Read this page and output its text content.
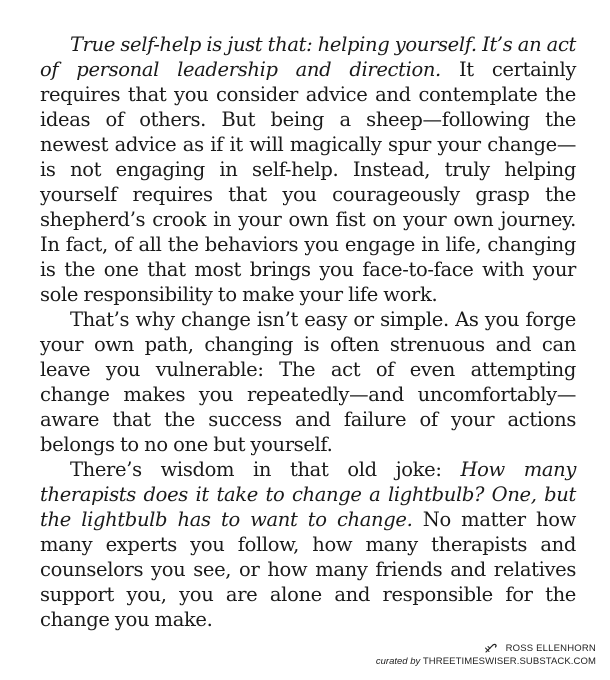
True self-help is just that: helping yourself. It’s an act of personal leadership and direction. It certainly requires that you consider advice and contemplate the ideas of others. But being a sheep—following the newest advice as if it will magically spur your change—is not engaging in self-help. Instead, truly helping yourself requires that you courageously grasp the shepherd’s crook in your own fist on your own journey. In fact, of all the behaviors you engage in life, changing is the one that most brings you face-to-face with your sole responsibility to make your life work.

That’s why change isn’t easy or simple. As you forge your own path, changing is often strenuous and can leave you vulnerable: The act of even attempting change makes you repeatedly—and uncomfortably—aware that the success and failure of your actions belongs to no one but yourself.

There’s wisdom in that old joke: How many therapists does it take to change a lightbulb? One, but the lightbulb has to want to change. No matter how many experts you follow, how many therapists and counselors you see, or how many friends and relatives support you, you are alone and responsible for the change you make.

ROSS ELLENHORN
curated by THREETIMESWISER.SUBSTACK.COM
